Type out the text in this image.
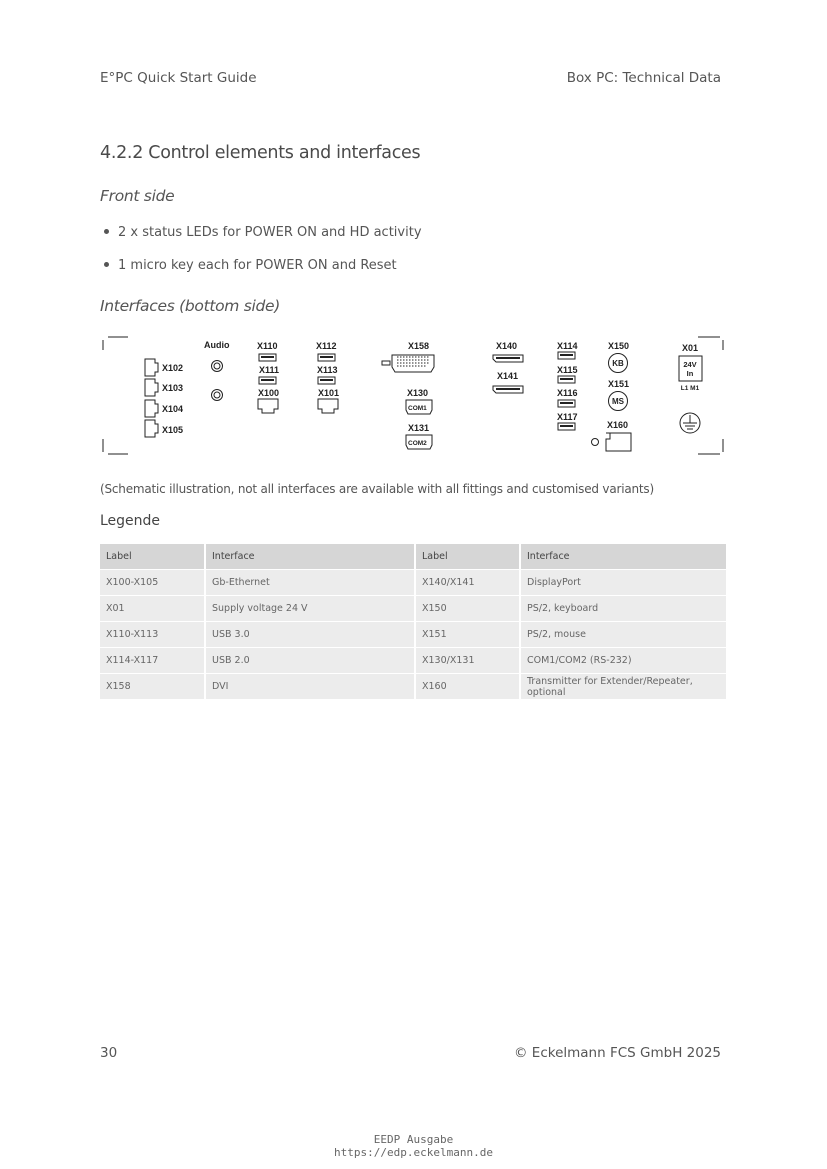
E°PC Quick Start Guide	Box PC: Technical Data
4.2.2 Control elements and interfaces
Front side
2 x status LEDs for POWER ON and HD activity
1 micro key each for POWER ON and Reset
Interfaces (bottom side)
X102
X103
X104
X105
Audio	X110
X111
X100
X112
X113
X101
X158
X130
COM1
X131
COM2
X140
X141
X114
X115
X116
X117
X150
KB
X151
MS
X160
X01
24V
In
L1 M1
(Schematic illustration, not all interfaces are available with all fittings and customised variants)
Legende
Label	Interface	Label	Interface
X100-X105	Gb-Ethernet	X140/X141	DisplayPort
X01	Supply voltage 24 V	X150	PS/2, keyboard
X110-X113	USB 3.0	X151	PS/2, mouse
X114-X117	USB 2.0	X130/X131	COM1/COM2 (RS-232)
X158	DVI	X160	Transmitter for Extender/Repeater, optional
30	© Eckelmann FCS GmbH 2025
EEDP Ausgabe
https://edp.eckelmann.de
